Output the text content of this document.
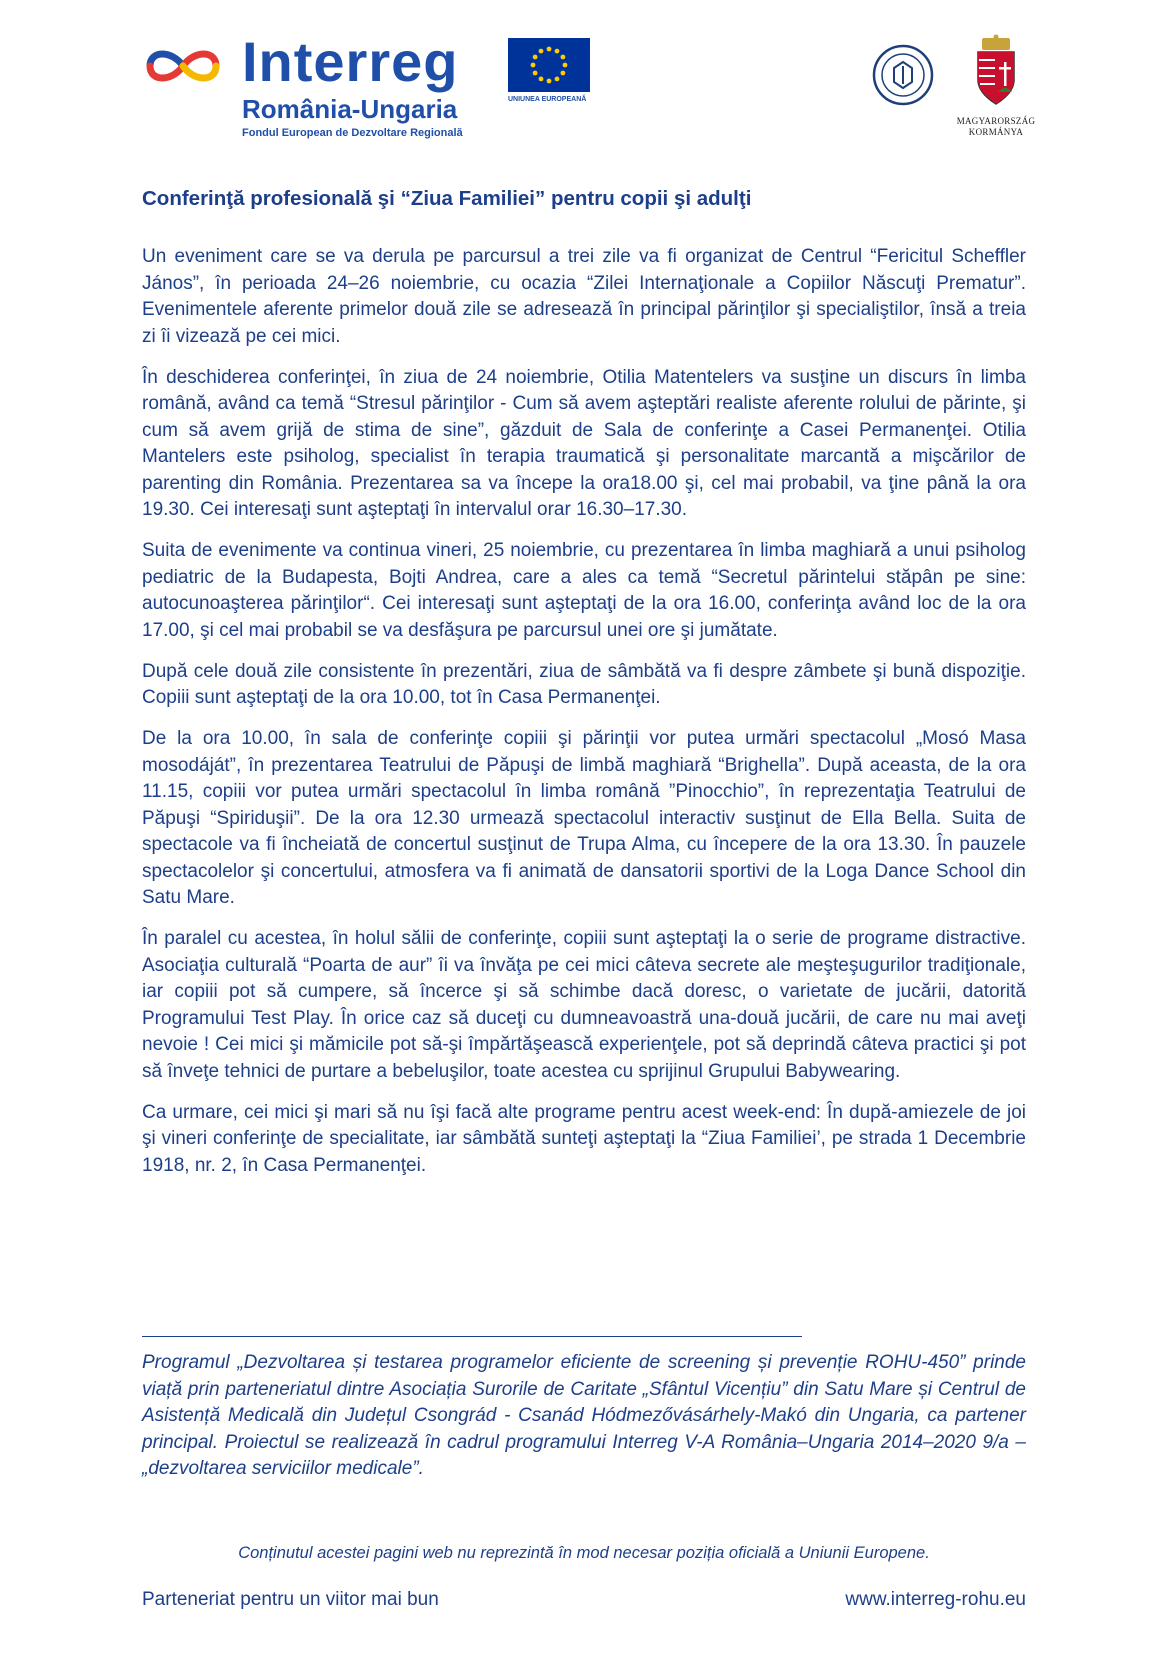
Interreg
România-Ungaria
Fondul European de Dezvoltare Regională
UNIUNEA EUROPEANĂ
MAGYARORSZÁG
KORMÁNYA
Conferinţă profesională şi “Ziua Familiei” pentru copii şi adulţi

Un eveniment care se va derula pe parcursul a trei zile va fi organizat de Centrul “Fericitul Scheffler János”, în perioada 24–26 noiembrie, cu ocazia “Zilei Internaţionale a Copiilor Născuţi Prematur”. Evenimentele aferente primelor două zile se adresează în principal părinţilor şi specialiştilor, însă a treia zi îi vizează pe cei mici.

În deschiderea conferinţei, în ziua de 24 noiembrie, Otilia Matentelers va susţine un discurs în limba română, având ca temă “Stresul părinţilor - Cum să avem aşteptări realiste aferente rolului de părinte, şi cum să avem grijă de stima de sine”, găzduit de Sala de conferinţe a Casei Permanenţei. Otilia Mantelers este psiholog, specialist în terapia traumatică şi personalitate marcantă a mişcărilor de parenting din România. Prezentarea sa va începe la ora18.00 şi, cel mai probabil, va ţine până la ora 19.30. Cei interesaţi sunt aşteptaţi în intervalul orar 16.30–17.30.

Suita de evenimente va continua vineri, 25 noiembrie, cu prezentarea în limba maghiară a unui psiholog pediatric de la Budapesta, Bojti Andrea, care a ales ca temă “Secretul părintelui stăpân pe sine: autocunoaşterea părinţilor“. Cei interesaţi sunt aşteptaţi de la ora 16.00, conferinţa având loc de la ora 17.00, şi cel mai probabil se va desfăşura pe parcursul unei ore şi jumătate.

După cele două zile consistente în prezentări, ziua de sâmbătă va fi despre zâmbete şi bună dispoziţie. Copiii sunt aşteptaţi de la ora 10.00, tot în Casa Permanenţei.

De la ora 10.00, în sala de conferinţe copiii şi părinţii vor putea urmări spectacolul „Mosó Masa mosodáját”, în prezentarea Teatrului de Păpuşi de limbă maghiară “Brighella”. După aceasta, de la ora 11.15, copiii vor putea urmări spectacolul în limba română ”Pinocchio”, în reprezentaţia Teatrului de Păpuşi “Spiriduşii”. De la ora 12.30 urmează spectacolul interactiv susţinut de Ella Bella. Suita de spectacole va fi încheiată de concertul susţinut de Trupa Alma, cu începere de la ora 13.30. În pauzele spectacolelor şi concertului, atmosfera va fi animată de dansatorii sportivi de la Loga Dance School din Satu Mare.

În paralel cu acestea, în holul sălii de conferinţe, copiii sunt aşteptaţi la o serie de programe distractive. Asociaţia culturală “Poarta de aur” îi va învăţa pe cei mici câteva secrete ale meşteşugurilor tradiţionale, iar copiii pot să cumpere, să încerce şi să schimbe dacă doresc, o varietate de jucării, datorită Programului Test Play. În orice caz să duceţi cu dumneavoastră una-două jucării, de care nu mai aveţi nevoie ! Cei mici şi mămicile pot să-şi împărtăşească experienţele, pot să deprindă câteva practici şi pot să înveţe tehnici de purtare a bebeluşilor, toate acestea cu sprijinul Grupului Babywearing.

Ca urmare, cei mici şi mari să nu îşi facă alte programe pentru acest week-end: În după-amiezele de joi şi vineri conferinţe de specialitate, iar sâmbătă sunteţi aşteptaţi la “Ziua Familiei’, pe strada 1 Decembrie 1918, nr. 2, în Casa Permanenţei.

Programul „Dezvoltarea și testarea programelor eficiente de screening și prevenție ROHU-450” prinde viață prin parteneriatul dintre Asociația Surorile de Caritate „Sfântul Vicențiu” din Satu Mare și Centrul de Asistență Medicală din Județul Csongrád - Csanád Hódmezővásárhely-Makó din Ungaria, ca partener principal. Proiectul se realizează în cadrul programului Interreg V-A România–Ungaria 2014–2020 9/a – „dezvoltarea serviciilor medicale”.
Conținutul acestei pagini web nu reprezintă în mod necesar poziția oficială a Uniunii Europene.
Parteneriat pentru un viitor mai bun	www.interreg-rohu.eu
